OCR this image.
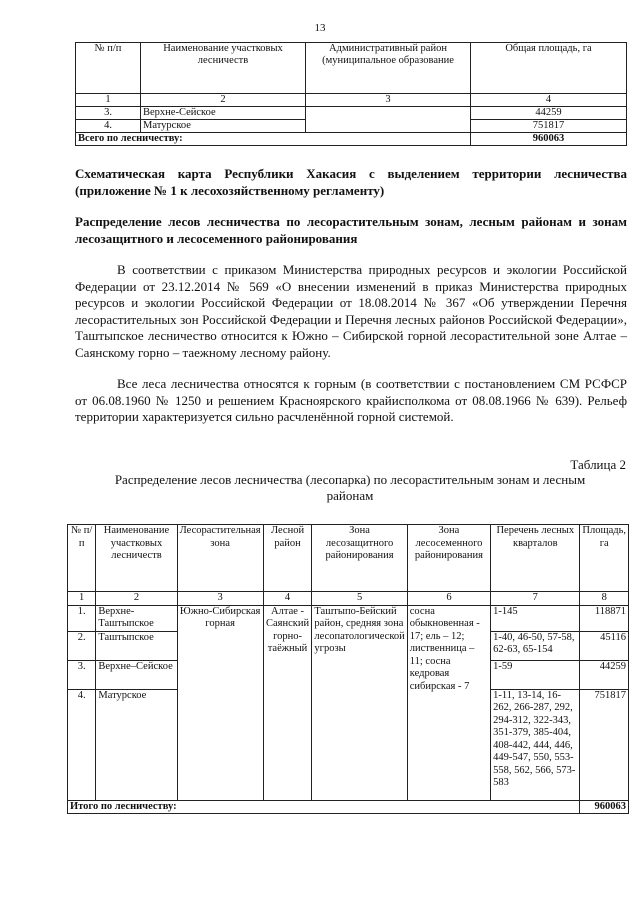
13
№ п/п	Наименование участковых лесничеств	Административный район (муниципальное образование	Общая площадь, га
1	2	3	4
3.	Верхне-Сейское		44259
4.	Матурское		751817
Всего по лесничеству:			960063
Схематическая карта Республики Хакасия с выделением территории лесничества (приложение № 1 к лесохозяйственному регламенту)
Распределение лесов лесничества по лесорастительным зонам, лесным районам и зонам лесозащитного и лесосеменного районирования
В соответствии с приказом Министерства природных ресурсов и экологии Российской Федерации от 23.12.2014 № 569 «О внесении изменений в приказ Министерства природных ресурсов и экологии Российской Федерации от 18.08.2014 № 367 «Об утверждении Перечня лесорастительных зон Российской Федерации и Перечня лесных районов Российской Федерации», Таштыпское лесничество относится к Южно – Сибирской горной лесорастительной зоне Алтае – Саянскому горно – таежному лесному району.
Все леса лесничества относятся к горным (в соответствии с постановлением СМ РСФСР от 06.08.1960 № 1250 и решением Красноярского крайисполкома от 08.08.1966 № 639). Рельеф территории характеризуется сильно расчленённой горной системой.
Таблица 2
Распределение лесов лесничества (лесопарка) по лесорастительным зонам и лесным районам
№ п/п	Наименование участковых лесничеств	Лесорастительная зона	Лесной район	Зона лесозащитного районирования	Зона лесосеменного районирования	Перечень лесных кварталов	Площадь, га
1	2	3	4	5	6	7	8
1.	Верхне-Таштыпское	Южно-Сибирская горная	Алтае - Саянский горно-таёжный	Таштыпо-Бейский район, средняя зона лесопатологической угрозы	сосна обыкновенная - 17; ель – 12; лиственница – 11; сосна кедровая сибирская - 7	1-145	118871
2.	Таштыпское					1-40, 46-50, 57-58, 62-63, 65-154	45116
3.	Верхне–Сейское					1-59	44259
4.	Матурское					1-11, 13-14, 16-262, 266-287, 292, 294-312, 322-343, 351-379, 385-404, 408-442, 444, 446, 449-547, 550, 553-558, 562, 566, 573-583	751817
Итого по лесничеству:							960063
